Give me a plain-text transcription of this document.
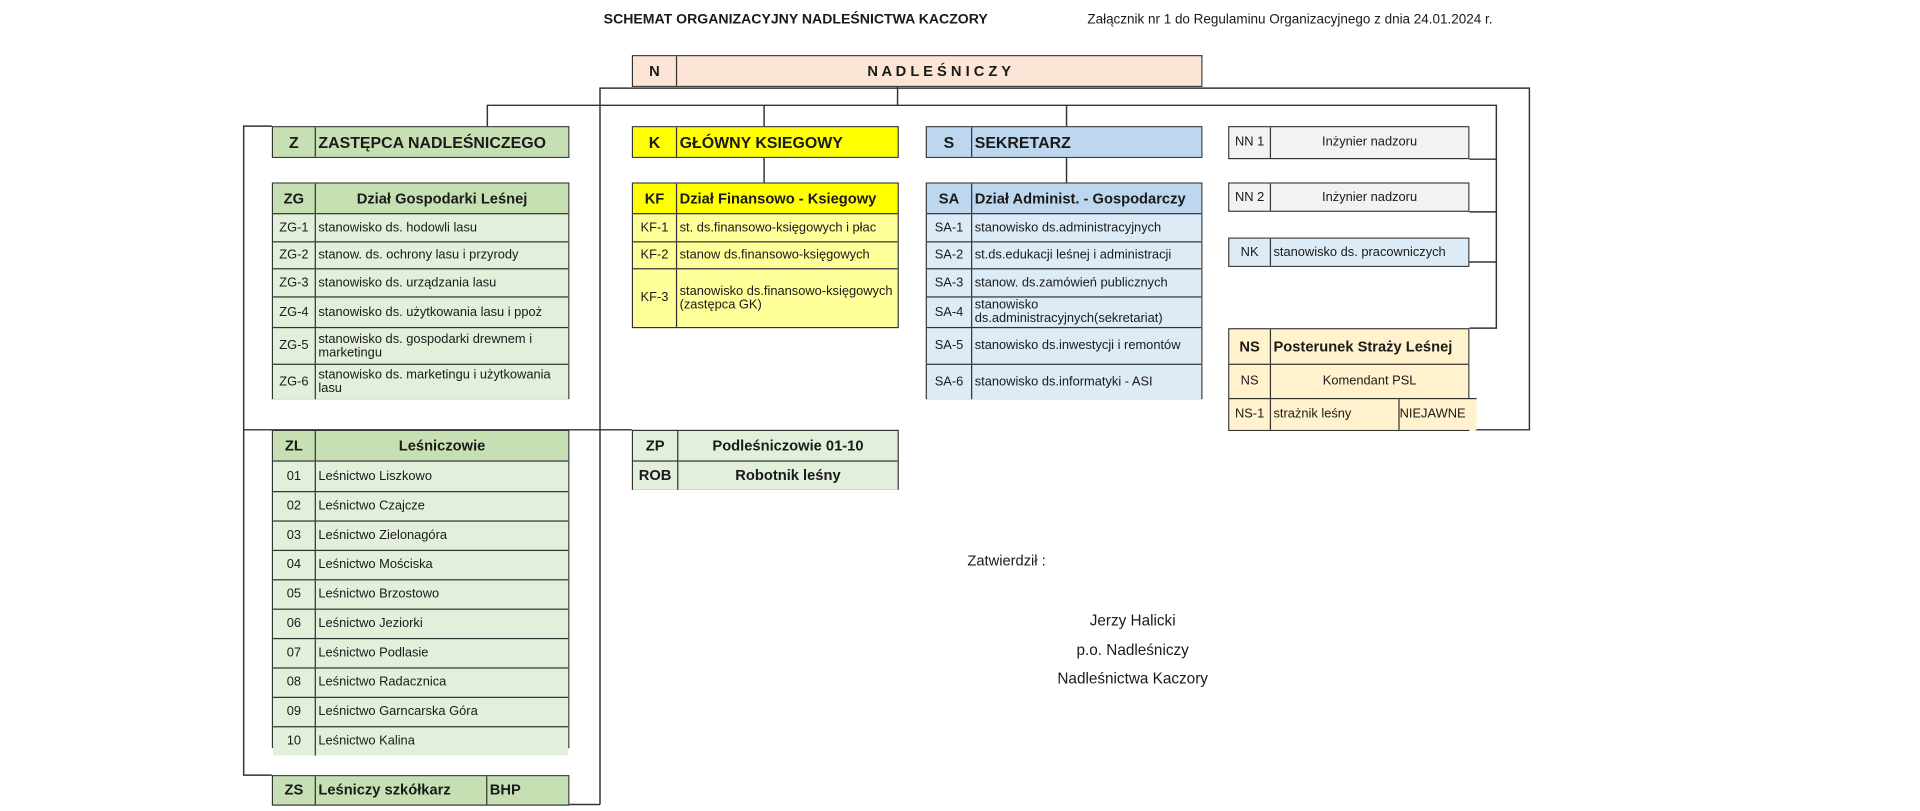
SCHEMAT ORGANIZACYJNY NADLEŚNICTWA KACZORY	Załącznik nr 1 do Regulaminu Organizacyjnego z dnia 24.01.2024 r.
N	N A D L E Ś N I C Z Y
Z	ZASTĘPCA NADLEŚNICZEGO
ZG	Dział Gospodarki Leśnej
ZG-1 stanowisko ds. hodowli lasu
ZG-2 stanow. ds. ochrony lasu i przyrody
ZG-3 stanowisko ds. urządzania lasu
ZG-4 stanowisko ds. użytkowania lasu i ppoż
ZG-5 stanowisko ds. gospodarki drewnem i marketingu
ZG-6 stanowisko ds. marketingu i użytkowania lasu
ZL	Leśniczowie
01	Leśnictwo Liszkowo
02	Leśnictwo Czajcze
03	Leśnictwo Zielonagóra
04	Leśnictwo Mościska
05	Leśnictwo Brzostowo
06	Leśnictwo Jeziorki
07	Leśnictwo Podlasie
08	Leśnictwo Radacznica
09	Leśnictwo Garncarska Góra
10	Leśnictwo Kalina
ZS	Leśniczy szkółkarz	BHP
K	GŁÓWNY KSIEGOWY
KF	Dział Finansowo - Ksiegowy
KF-1	st. ds.finansowo-księgowych i płac
KF-2	stanow ds.finansowo-księgowych
KF-3	stanowisko ds.finansowo-księgowych (zastępca GK)
ZP	Podleśniczowie 01-10
ROB	Robotnik leśny
S	SEKRETARZ
SA	Dział Administ. - Gospodarczy
SA-1	stanowisko ds.administracyjnych
SA-2	st.ds.edukacji leśnej i administracji
SA-3	stanow. ds.zamówień publicznych
SA-4	stanowisko ds.administracyjnych(sekretariat)
SA-5	stanowisko ds.inwestycji i remontów
SA-6	stanowisko ds.informatyki - ASI
NN 1	Inżynier nadzoru
NN 2	Inżynier nadzoru
NK	stanowisko ds. pracowniczych
NS	Posterunek Straży Leśnej
NS	Komendant PSL
NS-1 strażnik leśny	NIEJAWNE
Zatwierdził :
Jerzy Halicki
p.o. Nadleśniczy
Nadleśnictwa Kaczory
